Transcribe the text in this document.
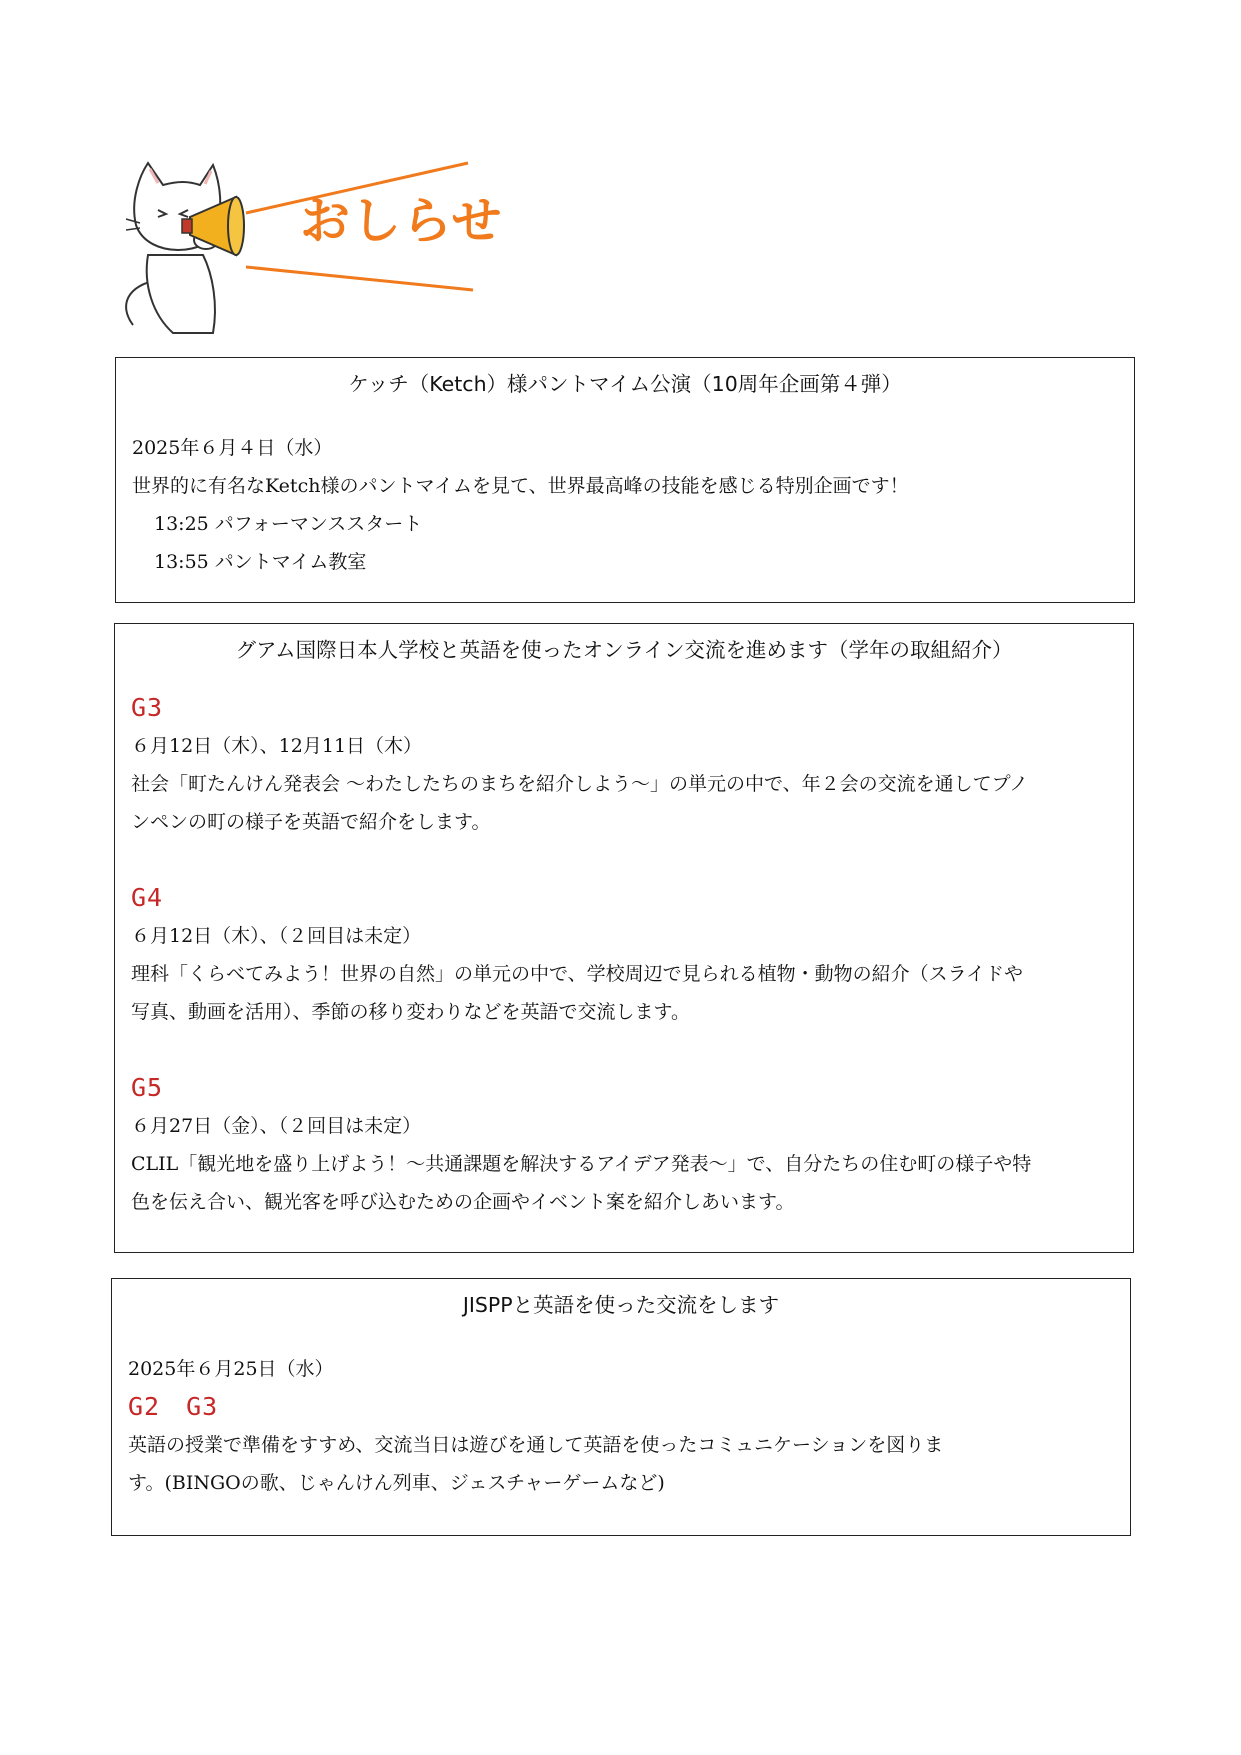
おしらせ
ケッチ（Ketch）様パントマイム公演（10周年企画第４弾）

2025年６月４日（水）

世界的に有名なKetch様のパントマイムを見て、世界最高峰の技能を感じる特別企画です！

13:25 パフォーマンススタート

13:55 パントマイム教室

グアム国際日本人学校と英語を使ったオンライン交流を進めます（学年の取組紹介）

G3

６月12日（木）、12月11日（木）

社会「町たんけん発表会 ～わたしたちのまちを紹介しよう～」の単元の中で、年２会の交流を通してプノ

ンペンの町の様子を英語で紹介をします。

G4

６月12日（木）、（２回目は未定）

理科「くらべてみよう！世界の自然」の単元の中で、学校周辺で見られる植物・動物の紹介（スライドや

写真、動画を活用）、季節の移り変わりなどを英語で交流します。

G5

６月27日（金）、（２回目は未定）

CLIL「観光地を盛り上げよう！～共通課題を解決するアイデア発表～」で、自分たちの住む町の様子や特

色を伝え合い、観光客を呼び込むための企画やイベント案を紹介しあいます。

JISPPと英語を使った交流をします

2025年６月25日（水）

G2　G3

英語の授業で準備をすすめ、交流当日は遊びを通して英語を使ったコミュニケーションを図りま

す。(BINGOの歌、じゃんけん列車、ジェスチャーゲームなど)
